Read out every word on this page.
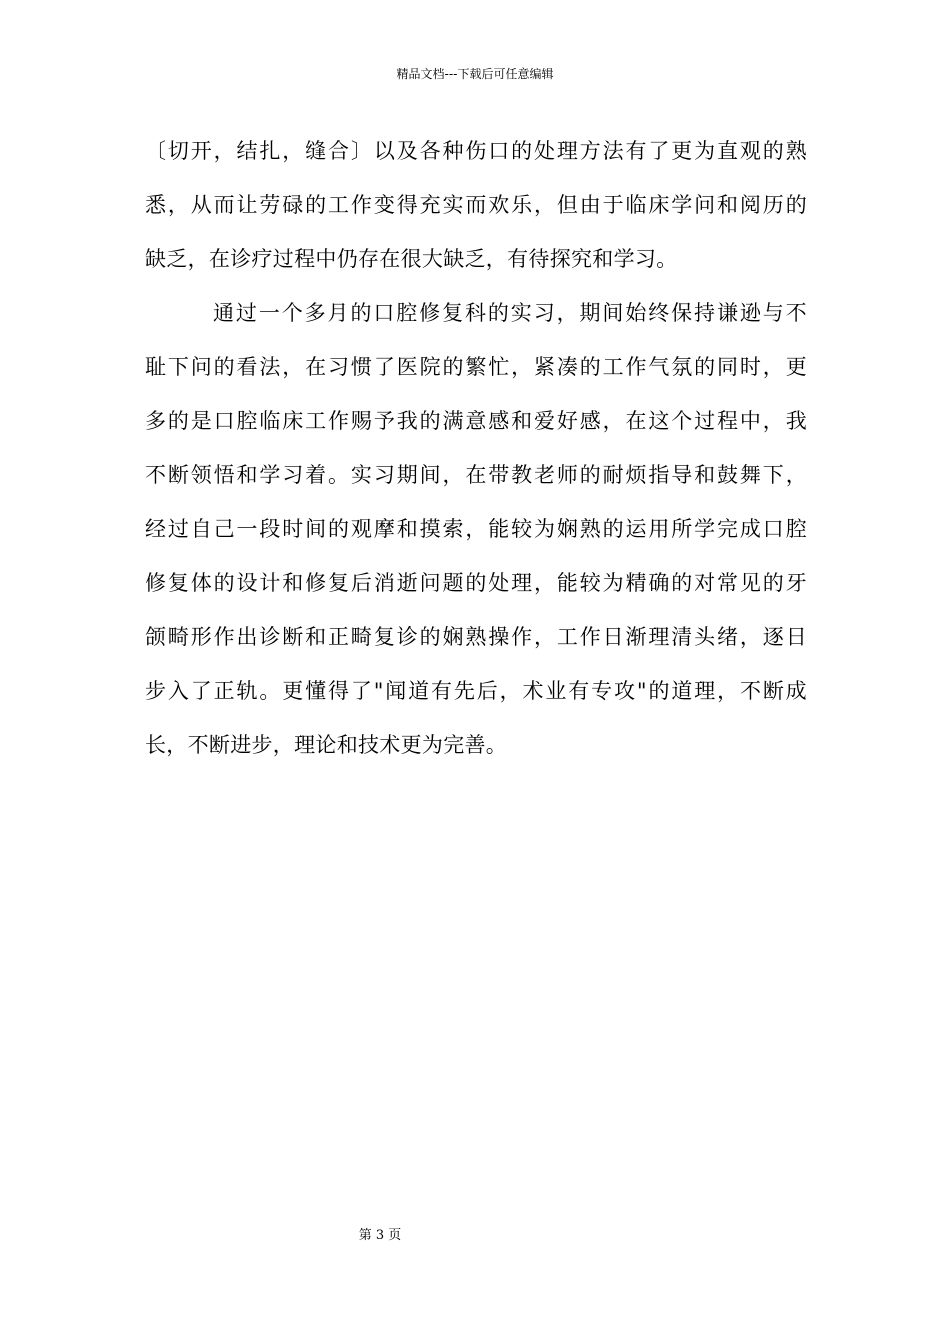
精品文档---下载后可任意编辑
〔切开，结扎，缝合〕以及各种伤口的处理方法有了更为直观的熟
悉，从而让劳碌的工作变得充实而欢乐，但由于临床学问和阅历的
缺乏，在诊疗过程中仍存在很大缺乏，有待探究和学习。
通过一个多月的口腔修复科的实习，期间始终保持谦逊与不
耻下问的看法，在习惯了医院的繁忙，紧凑的工作气氛的同时，更
多的是口腔临床工作赐予我的满意感和爱好感，在这个过程中，我
不断领悟和学习着。实习期间，在带教老师的耐烦指导和鼓舞下，
经过自己一段时间的观摩和摸索，能较为娴熟的运用所学完成口腔
修复体的设计和修复后消逝问题的处理，能较为精确的对常见的牙
颌畸形作出诊断和正畸复诊的娴熟操作，工作日渐理清头绪，逐日
步入了正轨。更懂得了"闻道有先后，术业有专攻"的道理，不断成
长，不断进步，理论和技术更为完善。
第 3 页
